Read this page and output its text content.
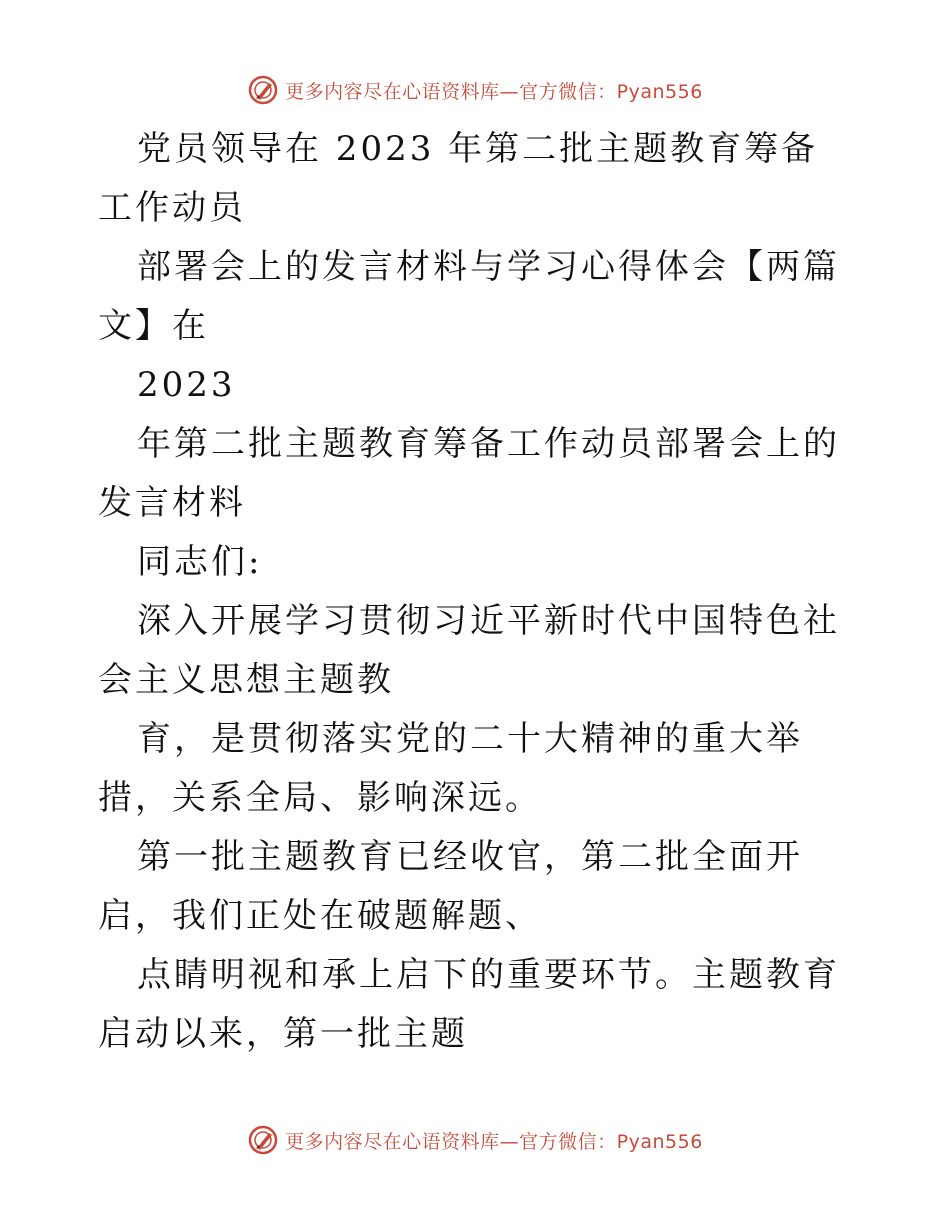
更多内容尽在心语资料库—官方微信：Pyan556

党员领导在 2023 年第二批主题教育筹备工作动员

部署会上的发言材料与学习心得体会【两篇文】在

2023

年第二批主题教育筹备工作动员部署会上的发言材料

同志们:

深入开展学习贯彻习近平新时代中国特色社会主义思想主题教

育，是贯彻落实党的二十大精神的重大举措，关系全局、影响深远。

第一批主题教育已经收官，第二批全面开启，我们正处在破题解题、

点睛明视和承上启下的重要环节。主题教育启动以来，第一批主题

更多内容尽在心语资料库—官方微信：Pyan556
